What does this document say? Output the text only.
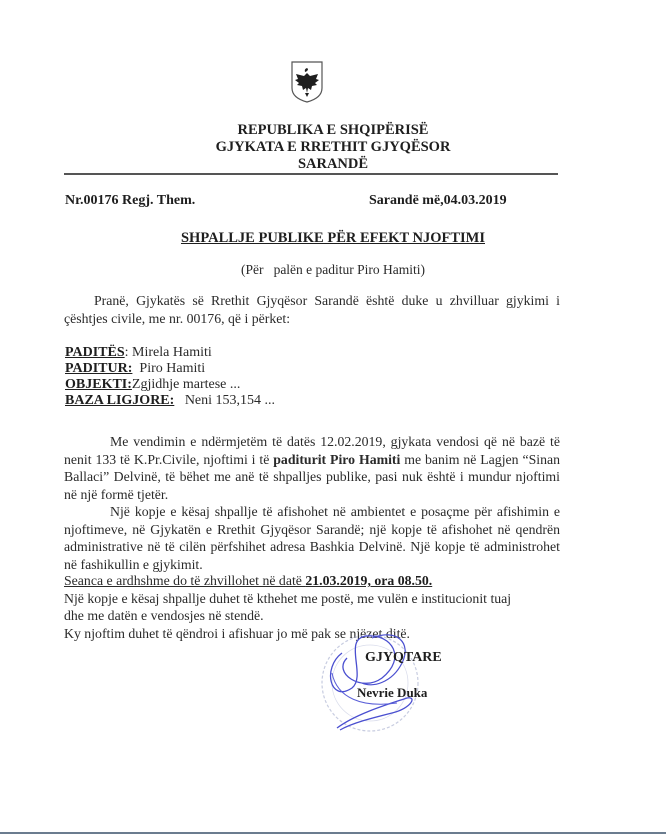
REPUBLIKA E SHQIPËRISË
GJYKATA E RRETHIT GJYQËSOR
SARANDË
Nr.00176 Regj. Them.	Sarandë më,04.03.2019
SHPALLJE PUBLIKE PËR EFEKT NJOFTIMI
(Për   palën e paditur Piro Hamiti)
Pranë, Gjykatës së Rrethit Gjyqësor Sarandë është duke u zhvilluar gjykimi i çështjes civile, me nr. 00176, që i përket:
PADITËS: Mirela Hamiti
PADITUR: Piro Hamiti
OBJEKTI:Zgjidhje martese ...
BAZA LIGJORE: Neni 153,154 ...
Me vendimin e ndërmjetëm të datës 12.02.2019, gjykata vendosi që në bazë të nenit 133 të K.Pr.Civile, njoftimi i të paditurit Piro Hamiti me banim në Lagjen “Sinan Ballaci” Delvinë, të bëhet me anë të shpalljes publike, pasi nuk është i mundur njoftimi në një formë tjetër.
Një kopje e kësaj shpallje të afishohet në ambientet e posaçme për afishimin e njoftimeve, në Gjykatën e Rrethit Gjyqësor Sarandë; një kopje të afishohet në qendrën administrative në të cilën përfshihet adresa Bashkia Delvinë. Një kopje të administrohet në fashikullin e gjykimit.
Seanca e ardhshme do të zhvillohet në datë 21.03.2019, ora 08.50.
Një kopje e kësaj shpallje duhet të kthehet me postë, me vulën e institucionit tuaj
dhe me datën e vendosjes në stendë.
Ky njoftim duhet të qëndroi i afishuar jo më pak se njëzet ditë.
GJYQTARE
Nevrie Duka
